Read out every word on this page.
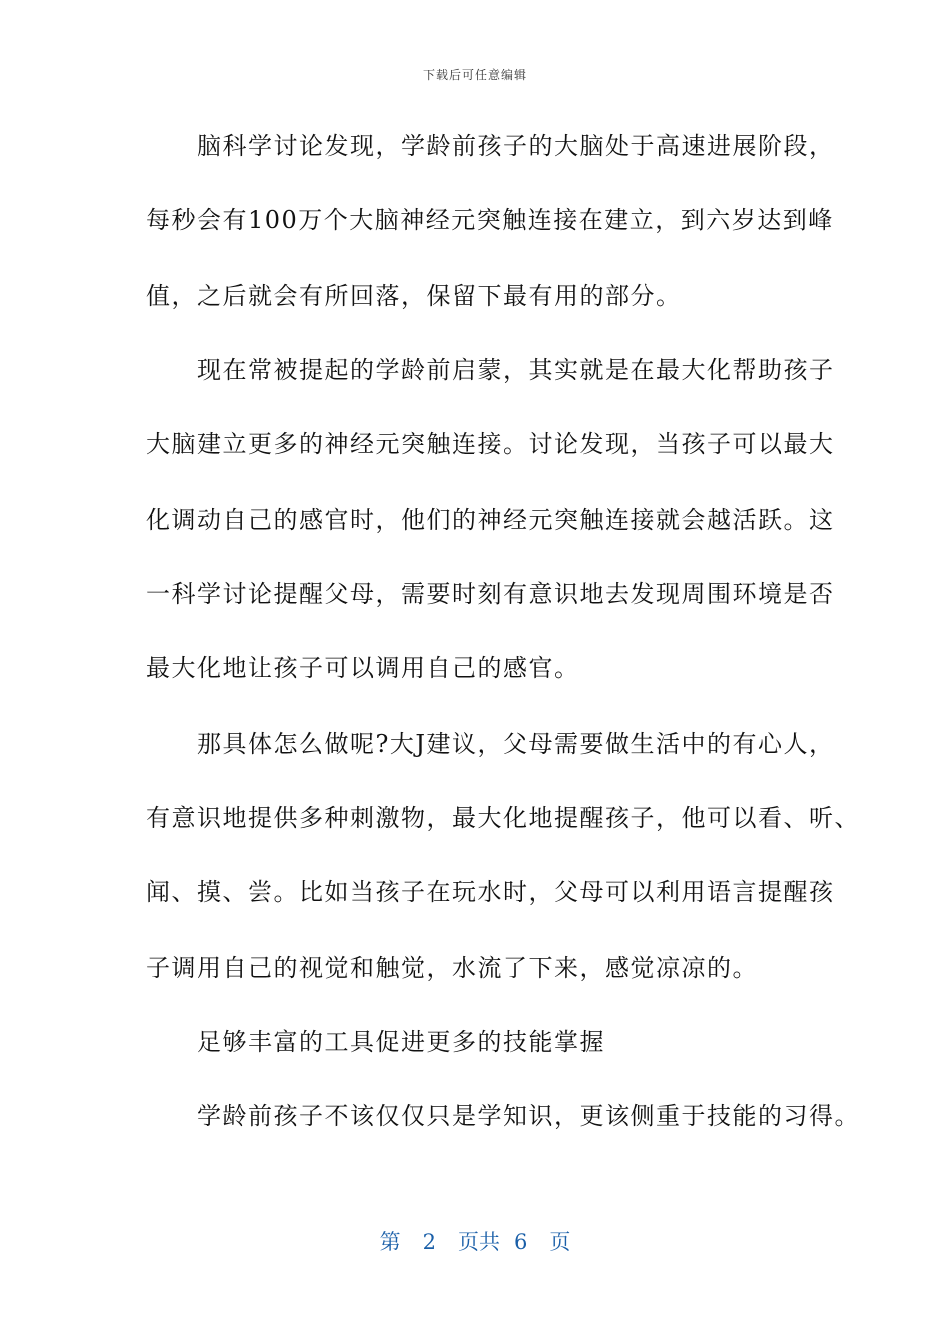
下载后可任意编辑
　　脑科学讨论发现，学龄前孩子的大脑处于高速进展阶段，
每秒会有100万个大脑神经元突触连接在建立，到六岁达到峰
值，之后就会有所回落，保留下最有用的部分。
　　现在常被提起的学龄前启蒙，其实就是在最大化帮助孩子
大脑建立更多的神经元突触连接。讨论发现，当孩子可以最大
化调动自己的感官时，他们的神经元突触连接就会越活跃。这
一科学讨论提醒父母，需要时刻有意识地去发现周围环境是否
最大化地让孩子可以调用自己的感官。
　　那具体怎么做呢?大J建议，父母需要做生活中的有心人，
有意识地提供多种刺激物，最大化地提醒孩子，他可以看、听、
闻、摸、尝。比如当孩子在玩水时，父母可以利用语言提醒孩
子调用自己的视觉和触觉，水流了下来，感觉凉凉的。
　　足够丰富的工具促进更多的技能掌握
　　学龄前孩子不该仅仅只是学知识，更该侧重于技能的习得。
第 2 页共 6 页
